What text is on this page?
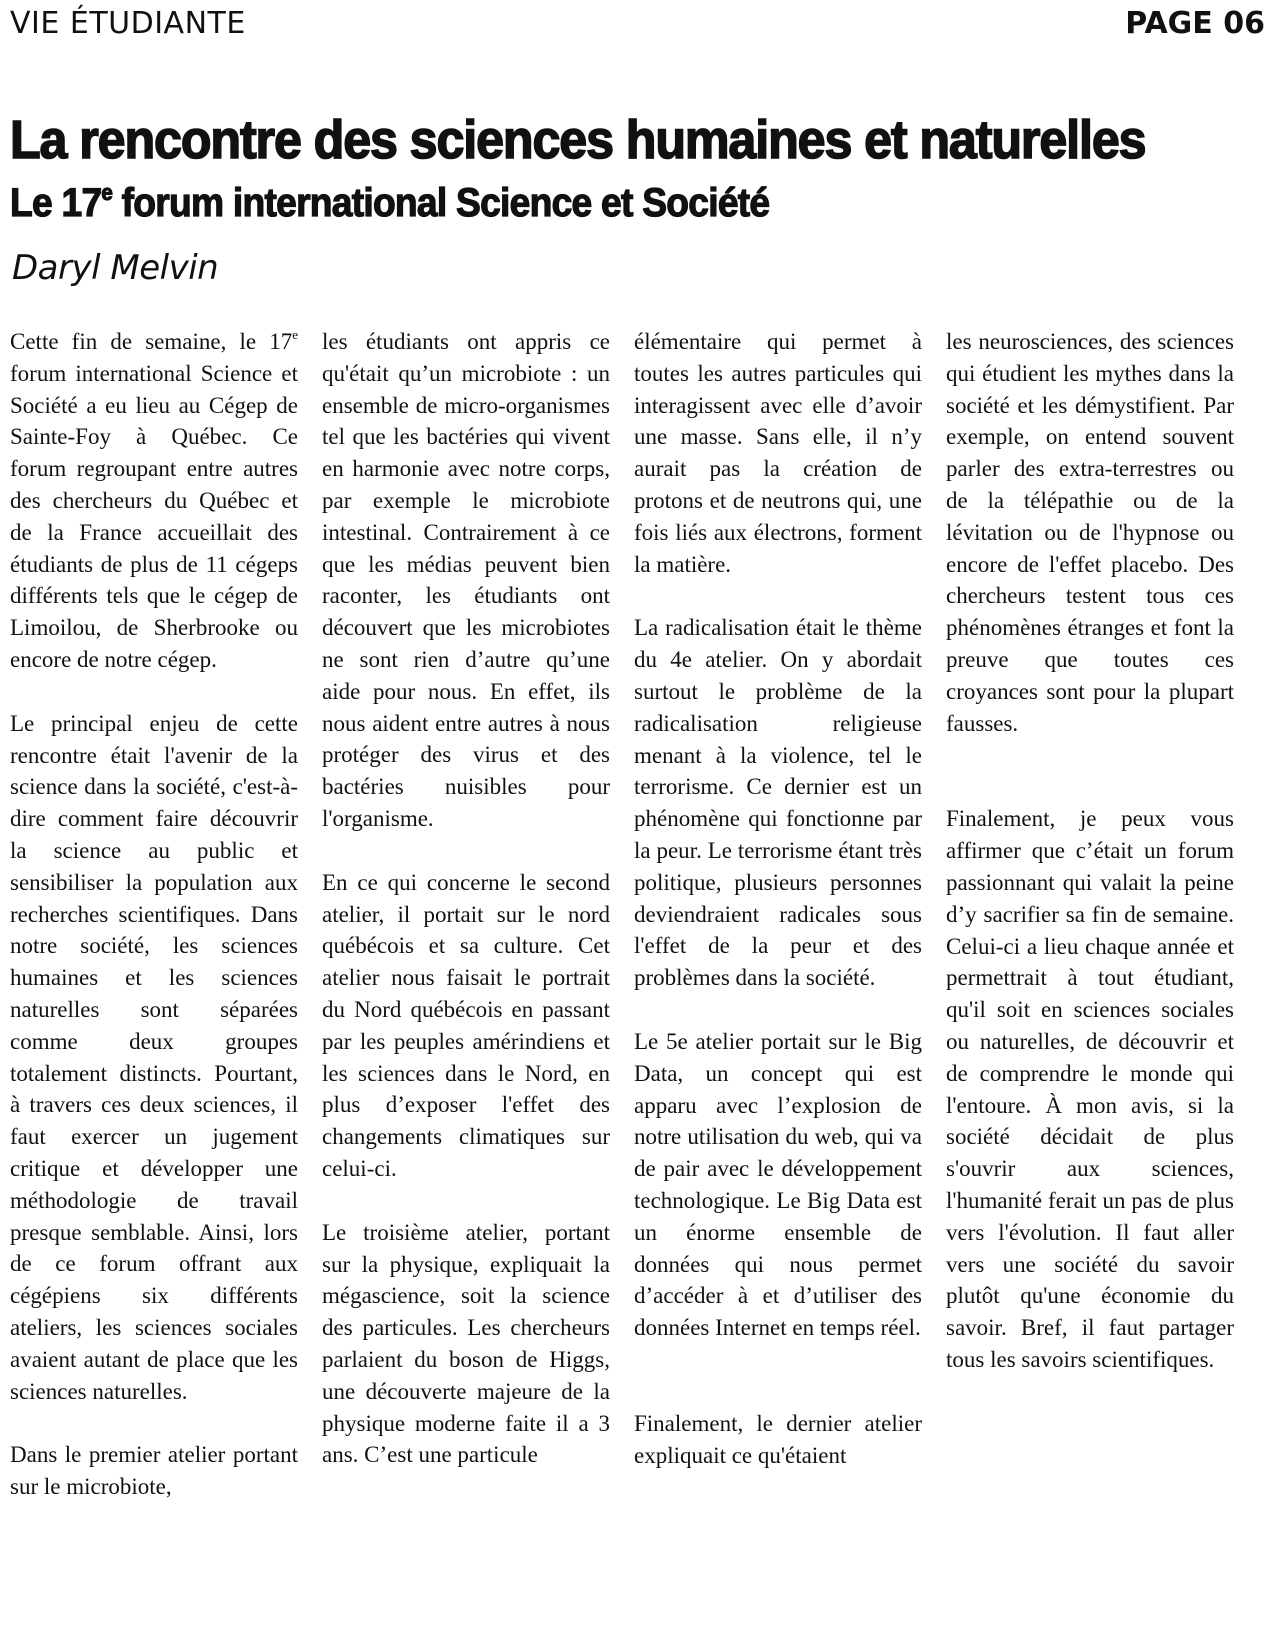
VIE ÉTUDIANTE	PAGE 06
La rencontre des sciences humaines et naturelles
Le 17e forum international Science et Société
Daryl Melvin

Cette fin de semaine, le 17e forum international Science et Société a eu lieu au Cégep de Sainte-Foy à Québec. Ce forum regroupant entre autres des chercheurs du Québec et de la France accueillait des étudiants de plus de 11 cégeps différents tels que le cégep de Limoilou, de Sherbrooke ou encore de notre cégep.

Le principal enjeu de cette rencontre était l'avenir de la science dans la société, c'est-à-dire comment faire découvrir la science au public et sensibiliser la population aux recherches scientifiques. Dans notre société, les sciences humaines et les sciences naturelles sont séparées comme deux groupes totalement distincts. Pourtant, à travers ces deux sciences, il faut exercer un jugement critique et développer une méthodologie de travail presque semblable. Ainsi, lors de ce forum offrant aux cégépiens six différents ateliers, les sciences sociales avaient autant de place que les sciences naturelles.

Dans le premier atelier portant sur le microbiote,

les étudiants ont appris ce qu'était qu’un microbiote : un ensemble de micro-organismes tel que les bactéries qui vivent en harmonie avec notre corps, par exemple le microbiote intestinal. Contrairement à ce que les médias peuvent bien raconter, les étudiants ont découvert que les microbiotes ne sont rien d’autre qu’une aide pour nous. En effet, ils nous aident entre autres à nous protéger des virus et des bactéries nuisibles pour l'organisme.

En ce qui concerne le second atelier, il portait sur le nord québécois et sa culture. Cet atelier nous faisait le portrait du Nord québécois en passant par les peuples amérindiens et les sciences dans le Nord, en plus d’exposer l'effet des changements climatiques sur celui-ci.

Le troisième atelier, portant sur la physique, expliquait la mégascience, soit la science des particules. Les chercheurs parlaient du boson de Higgs, une découverte majeure de la physique moderne faite il a 3 ans. C’est une particule

élémentaire qui permet à toutes les autres particules qui interagissent avec elle d’avoir une masse. Sans elle, il n’y aurait pas la création de protons et de neutrons qui, une fois liés aux électrons, forment la matière.

La radicalisation était le thème du 4e atelier. On y abordait surtout le problème de la radicalisation religieuse menant à la violence, tel le terrorisme. Ce dernier est un phénomène qui fonctionne par la peur. Le terrorisme étant très politique, plusieurs personnes deviendraient radicales sous l'effet de la peur et des problèmes dans la société.

Le 5e atelier portait sur le Big Data, un concept qui est apparu avec l’explosion de notre utilisation du web, qui va de pair avec le développement technologique. Le Big Data est un énorme ensemble de données qui nous permet d’accéder à et d’utiliser des données Internet en temps réel.

Finalement, le dernier atelier expliquait ce qu'étaient

les neurosciences, des sciences qui étudient les mythes dans la société et les démystifient. Par exemple, on entend souvent parler des extra-terrestres ou de la télépathie ou de la lévitation ou de l'hypnose ou encore de l'effet placebo. Des chercheurs testent tous ces phénomènes étranges et font la preuve que toutes ces croyances sont pour la plupart fausses.

Finalement, je peux vous affirmer que c’était un forum passionnant qui valait la peine d’y sacrifier sa fin de semaine. Celui-ci a lieu chaque année et permettrait à tout étudiant, qu'il soit en sciences sociales ou naturelles, de découvrir et de comprendre le monde qui l'entoure. À mon avis, si la société décidait de plus s'ouvrir aux sciences, l'humanité ferait un pas de plus vers l'évolution. Il faut aller vers une société du savoir plutôt qu'une économie du savoir. Bref, il faut partager tous les savoirs scientifiques.
